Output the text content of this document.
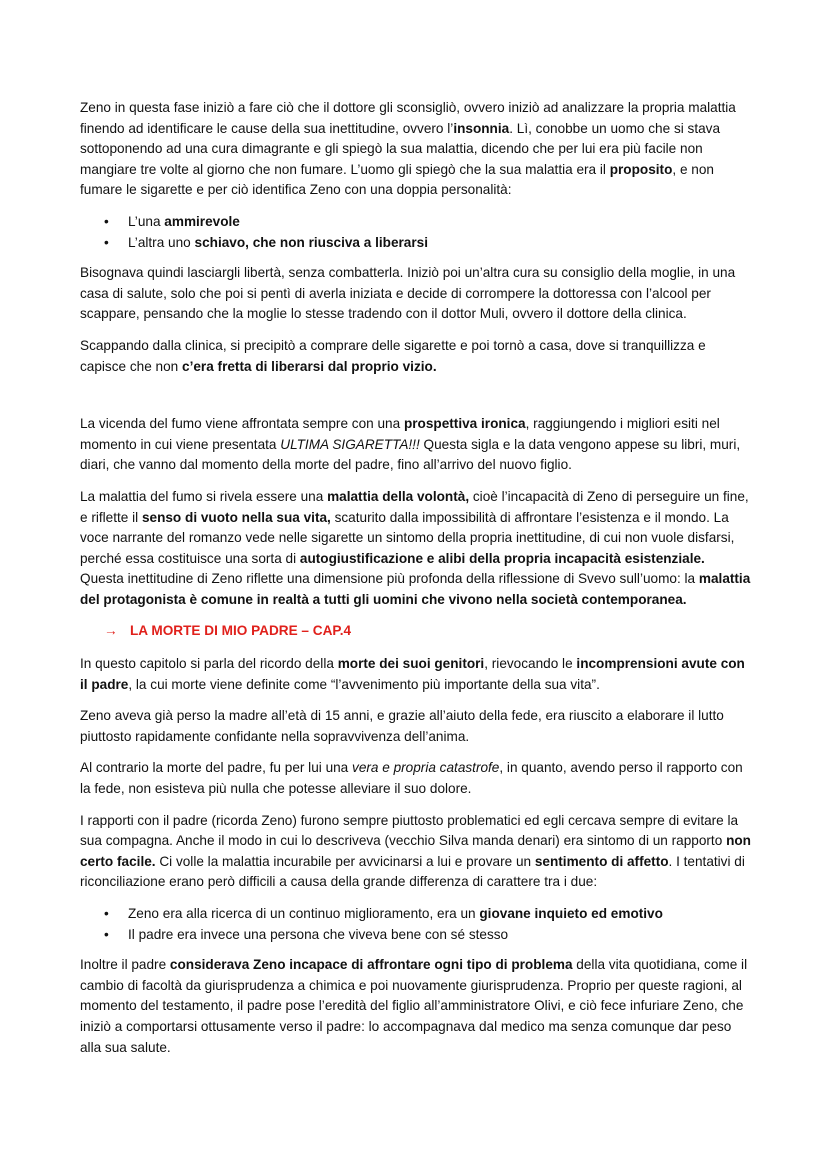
Zeno in questa fase iniziò a fare ciò che il dottore gli sconsigliò, ovvero iniziò ad analizzare la propria malattia finendo ad identificare le cause della sua inettitudine, ovvero l’insonnia. Lì, conobbe un uomo che si stava sottoponendo ad una cura dimagrante e gli spiegò la sua malattia, dicendo che per lui era più facile non mangiare tre volte al giorno che non fumare. L’uomo gli spiegò che la sua malattia era il proposito, e non fumare le sigarette e per ciò identifica Zeno con una doppia personalità:

• L’una ammirevole
• L’altra uno schiavo, che non riusciva a liberarsi

Bisognava quindi lasciargli libertà, senza combatterla. Iniziò poi un’altra cura su consiglio della moglie, in una casa di salute, solo che poi si pentì di averla iniziata e decide di corrompere la dottoressa con l’alcool per scappare, pensando che la moglie lo stesse tradendo con il dottor Muli, ovvero il dottore della clinica.

Scappando dalla clinica, si precipitò a comprare delle sigarette e poi tornò a casa, dove si tranquillizza e capisce che non c’era fretta di liberarsi dal proprio vizio.

La vicenda del fumo viene affrontata sempre con una prospettiva ironica, raggiungendo i migliori esiti nel momento in cui viene presentata ULTIMA SIGARETTA!!! Questa sigla e la data vengono appese su libri, muri, diari, che vanno dal momento della morte del padre, fino all’arrivo del nuovo figlio.

La malattia del fumo si rivela essere una malattia della volontà, cioè l’incapacità di Zeno di perseguire un fine, e riflette il senso di vuoto nella sua vita, scaturito dalla impossibilità di affrontare l’esistenza e il mondo. La voce narrante del romanzo vede nelle sigarette un sintomo della propria inettitudine, di cui non vuole disfarsi, perché essa costituisce una sorta di autogiustificazione e alibi della propria incapacità esistenziale. Questa inettitudine di Zeno riflette una dimensione più profonda della riflessione di Svevo sull’uomo: la malattia del protagonista è comune in realtà a tutti gli uomini che vivono nella società contemporanea.

→ LA MORTE DI MIO PADRE – CAP.4

In questo capitolo si parla del ricordo della morte dei suoi genitori, rievocando le incomprensioni avute con il padre, la cui morte viene definite come “l’avvenimento più importante della sua vita”.

Zeno aveva già perso la madre all’età di 15 anni, e grazie all’aiuto della fede, era riuscito a elaborare il lutto piuttosto rapidamente confidante nella sopravvivenza dell’anima.

Al contrario la morte del padre, fu per lui una vera e propria catastrofe, in quanto, avendo perso il rapporto con la fede, non esisteva più nulla che potesse alleviare il suo dolore.

I rapporti con il padre (ricorda Zeno) furono sempre piuttosto problematici ed egli cercava sempre di evitare la sua compagna. Anche il modo in cui lo descriveva (vecchio Silva manda denari) era sintomo di un rapporto non certo facile. Ci volle la malattia incurabile per avvicinarsi a lui e provare un sentimento di affetto. I tentativi di riconciliazione erano però difficili a causa della grande differenza di carattere tra i due:

• Zeno era alla ricerca di un continuo miglioramento, era un giovane inquieto ed emotivo
• Il padre era invece una persona che viveva bene con sé stesso

Inoltre il padre considerava Zeno incapace di affrontare ogni tipo di problema della vita quotidiana, come il cambio di facoltà da giurisprudenza a chimica e poi nuovamente giurisprudenza. Proprio per queste ragioni, al momento del testamento, il padre pose l’eredità del figlio all’amministratore Olivi, e ciò fece infuriare Zeno, che iniziò a comportarsi ottusamente verso il padre: lo accompagnava dal medico ma senza comunque dar peso alla sua salute.
